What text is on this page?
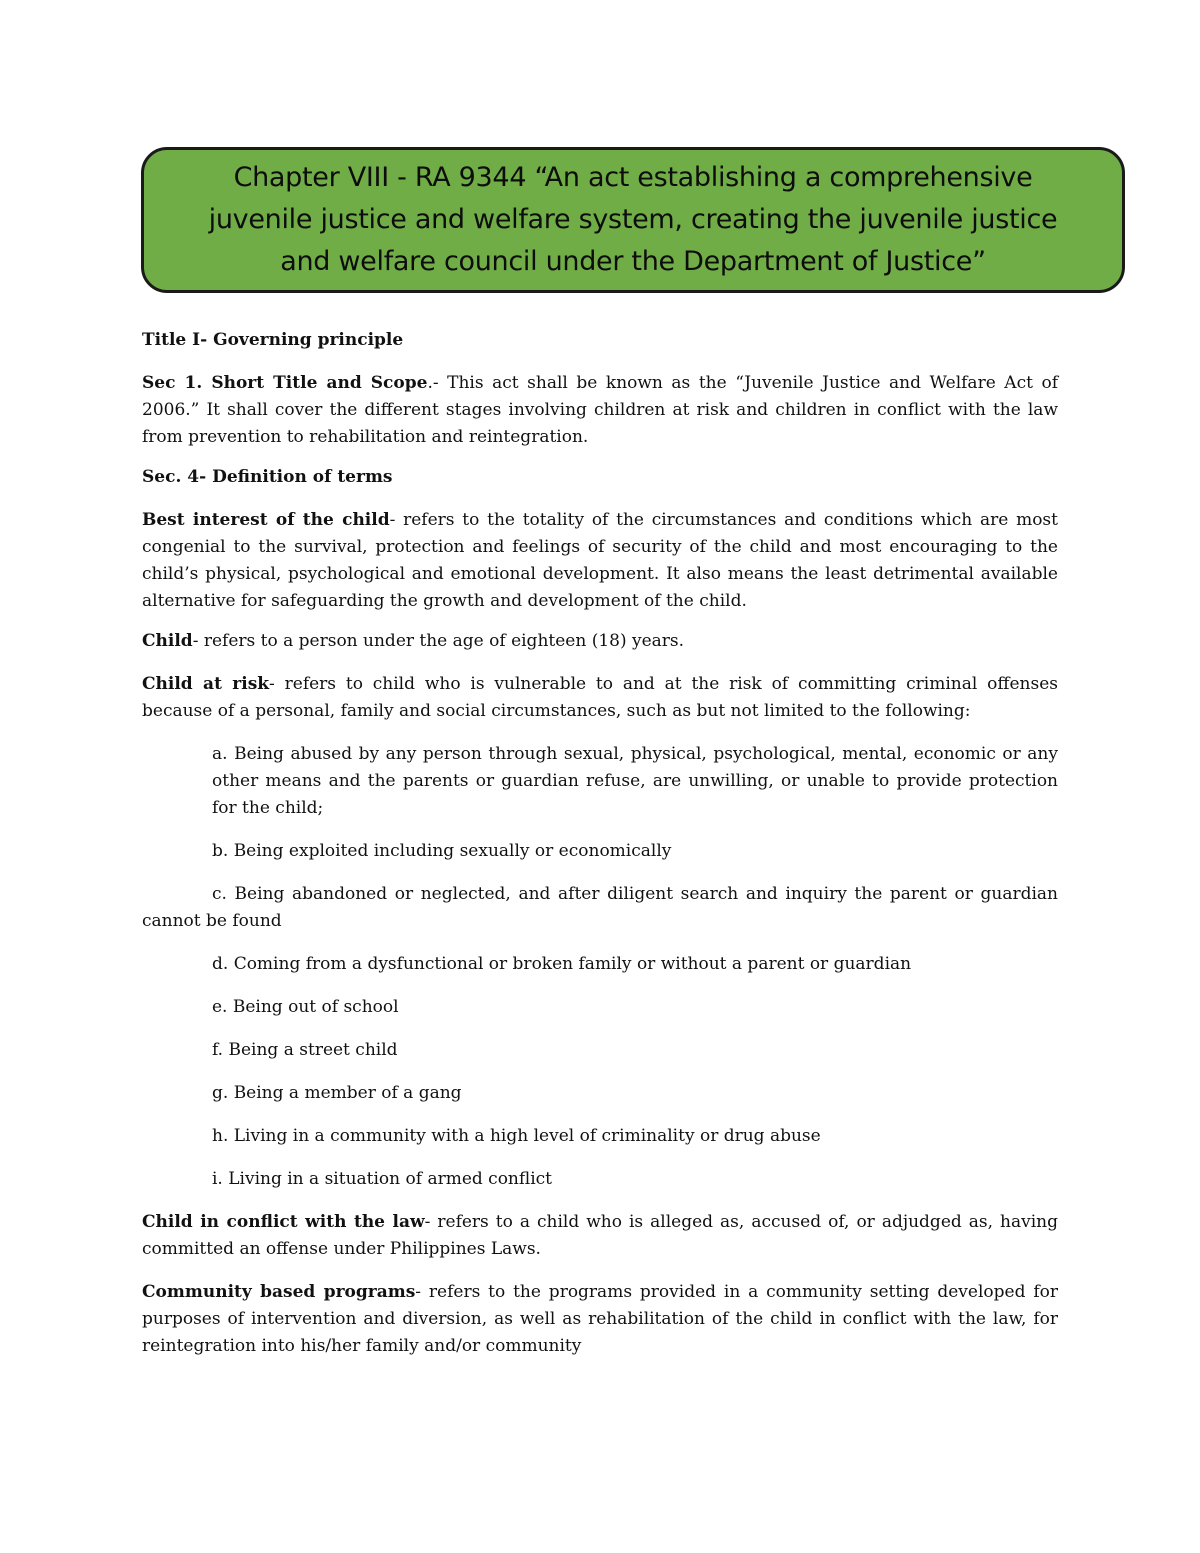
Chapter VIII - RA 9344 “An act establishing a comprehensive juvenile justice and welfare system, creating the juvenile justice and welfare council under the Department of Justice”

Title I- Governing principle

Sec 1. Short Title and Scope.- This act shall be known as the “Juvenile Justice and Welfare Act of 2006.” It shall cover the different stages involving children at risk and children in conflict with the law from prevention to rehabilitation and reintegration.

Sec. 4- Definition of terms

Best interest of the child- refers to the totality of the circumstances and conditions which are most congenial to the survival, protection and feelings of security of the child and most encouraging to the child’s physical, psychological and emotional development. It also means the least detrimental available alternative for safeguarding the growth and development of the child.

Child- refers to a person under the age of eighteen (18) years.

Child at risk- refers to child who is vulnerable to and at the risk of committing criminal offenses because of a personal, family and social circumstances, such as but not limited to the following:

a. Being abused by any person through sexual, physical, psychological, mental, economic or any other means and the parents or guardian refuse, are unwilling, or unable to provide protection for the child;

b. Being exploited including sexually or economically

c. Being abandoned or neglected, and after diligent search and inquiry the parent or guardian cannot be found

d. Coming from a dysfunctional or broken family or without a parent or guardian

e. Being out of school

f. Being a street child

g. Being a member of a gang

h. Living in a community with a high level of criminality or drug abuse

i. Living in a situation of armed conflict

Child in conflict with the law- refers to a child who is alleged as, accused of, or adjudged as, having committed an offense under Philippines Laws.

Community based programs- refers to the programs provided in a community setting developed for purposes of intervention and diversion, as well as rehabilitation of the child in conflict with the law, for reintegration into his/her family and/or community
